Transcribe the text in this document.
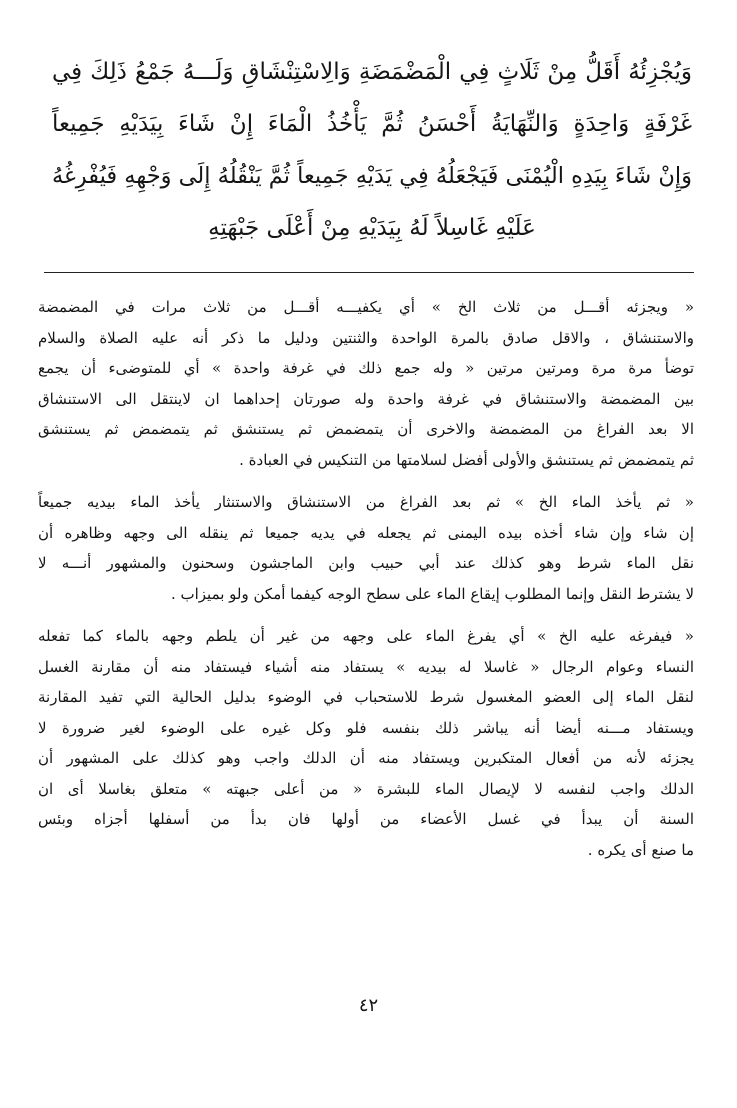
وَيُجْزِئُهُ أَقَلُّ مِنْ ثَلَاثٍ فِي الْمَضْمَضَةِ وَالِاسْتِنْشَاقِ وَلَـــهُ جَمْعُ ذَلِكَ فِي
غَرْفَةٍ وَاحِدَةٍ وَالنِّهَايَةُ أَحْسَنُ ثُمَّ يَأْخُذُ الْمَاءَ إِنْ شَاءَ بِيَدَيْهِ جَمِيعاً
وَإِنْ شَاءَ بِيَدِهِ الْيُمْنَى فَيَجْعَلُهُ فِي يَدَيْهِ جَمِيعاً ثُمَّ يَنْقُلُهُ إِلَى وَجْهِهِ فَيُفْرِغُهُ
عَلَيْهِ غَاسِلاً لَهُ بِيَدَيْهِ مِنْ أَعْلَى جَبْهَتِهِ
« ويجزئه أقـــل من ثلاث الخ » أي يكفيـــه أقـــل من ثلاث مرات في المضمضة
والاستنشاق ، والاقل صادق بالمرة الواحدة والثنتين ودليل ما ذكر أنه عليه الصلاة والسلام
توضأ مرة مرة ومرتين مرتين « وله جمع ذلك في غرفة واحدة » أي للمتوضىء أن يجمع
بين المضمضة والاستنشاق في غرفة واحدة وله صورتان إحداهما ان لاينتقل الى الاستنشاق
الا بعد الفراغ من المضمضة والاخرى أن يتمضمض ثم يستنشق ثم يتمضمض ثم يستنشق
ثم يتمضمض ثم يستنشق والأولى أفضل لسلامتها من التنكيس في العبادة .
« ثم يأخذ الماء الخ » ثم بعد الفراغ من الاستنشاق والاستنثار يأخذ الماء بيديه جميعاً
إن شاء وإن شاء أخذه بيده اليمنى ثم يجعله في يديه جميعا ثم ينقله الى وجهه وظاهره أن
نقل الماء شرط وهو كذلك عند أبي حبيب وابن الماجشون وسحنون والمشهور أنـــه لا
لا يشترط النقل وإنما المطلوب إيقاع الماء على سطح الوجه كيفما أمكن ولو بميزاب .
« فيفرغه عليه الخ » أي يفرغ الماء على وجهه من غير أن يلطم وجهه بالماء كما تفعله
النساء وعوام الرجال « غاسلا له بيديه » يستفاد منه أشياء فيستفاد منه أن مقارنة الغسل
لنقل الماء إلى العضو المغسول شرط للاستحباب في الوضوء بدليل الحالية التي تفيد المقارنة
ويستفاد مـــنه أيضا أنه يباشر ذلك بنفسه فلو وكل غيره على الوضوء لغير ضرورة لا
يجزئه لأنه من أفعال المتكبرين ويستفاد منه أن الدلك واجب وهو كذلك على المشهور أن
الدلك واجب لنفسه لا لإيصال الماء للبشرة « من أعلى جبهته » متعلق بغاسلا أى ان
السنة أن يبدأ في غسل الأعضاء من أولها فان بدأ من أسفلها أجزاه وبئس
ما صنع أى يكره .
٤٢
